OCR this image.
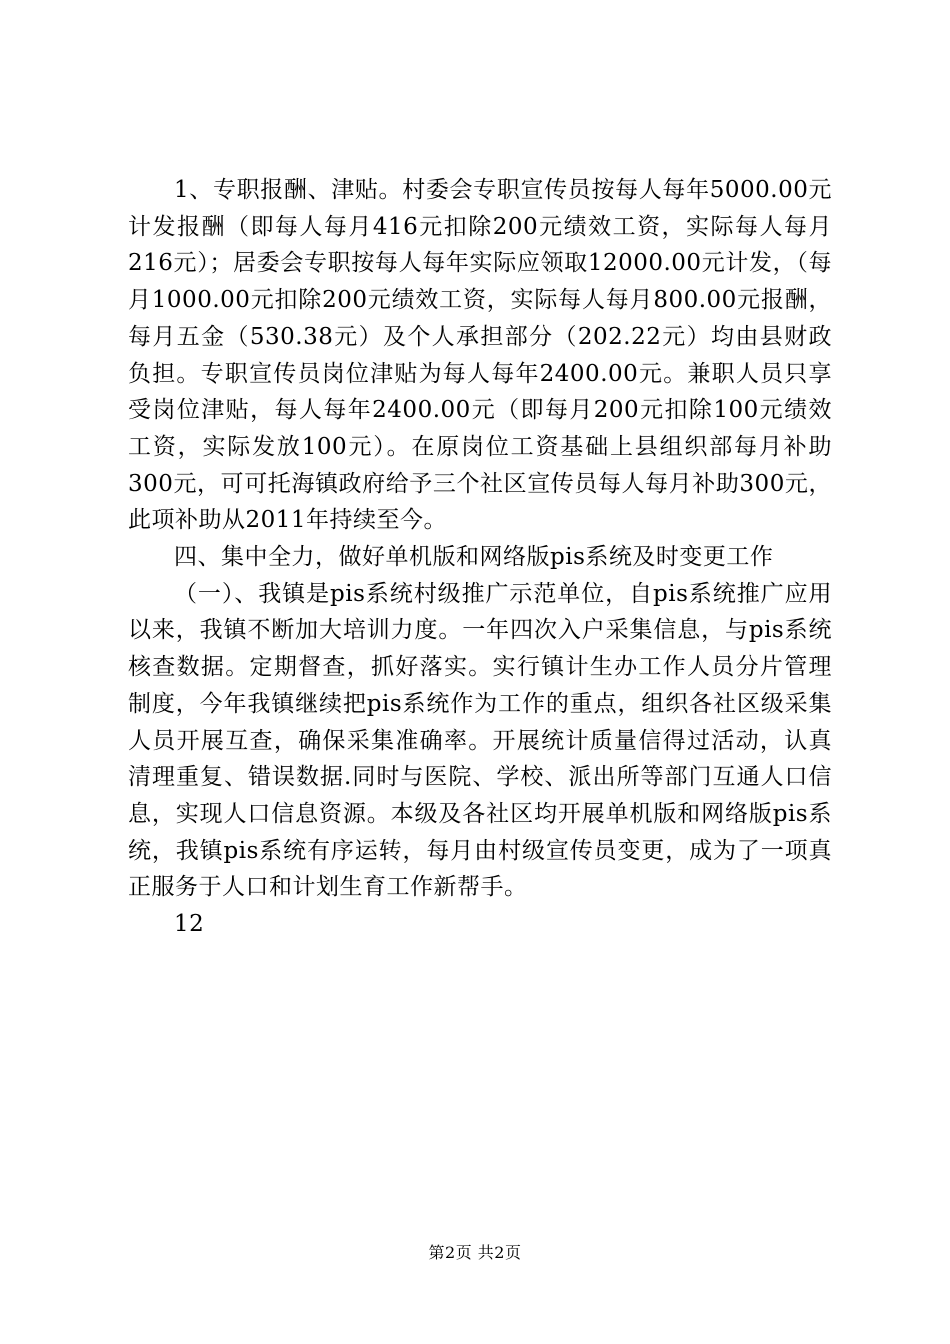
1、专职报酬、津贴。村委会专职宣传员按每人每年5000.00元计发报酬（即每人每月416元扣除200元绩效工资，实际每人每月216元）；居委会专职按每人每年实际应领取12000.00元计发，（每月1000.00元扣除200元绩效工资，实际每人每月800.00元报酬，每月五金（530.38元）及个人承担部分（202.22元）均由县财政负担。专职宣传员岗位津贴为每人每年2400.00元。兼职人员只享受岗位津贴，每人每年2400.00元（即每月200元扣除100元绩效工资，实际发放100元）。在原岗位工资基础上县组织部每月补助300元，可可托海镇政府给予三个社区宣传员每人每月补助300元，此项补助从2011年持续至今。

四、集中全力，做好单机版和网络版pis系统及时变更工作

（一）、我镇是pis系统村级推广示范单位，自pis系统推广应用以来，我镇不断加大培训力度。一年四次入户采集信息，与pis系统核查数据。定期督查，抓好落实。实行镇计生办工作人员分片管理制度，今年我镇继续把pis系统作为工作的重点，组织各社区级采集人员开展互查，确保采集准确率。开展统计质量信得过活动，认真清理重复、错误数据.同时与医院、学校、派出所等部门互通人口信息，实现人口信息资源。本级及各社区均开展单机版和网络版pis系统，我镇pis系统有序运转，每月由村级宣传员变更，成为了一项真正服务于人口和计划生育工作新帮手。

12

第2页 共2页
